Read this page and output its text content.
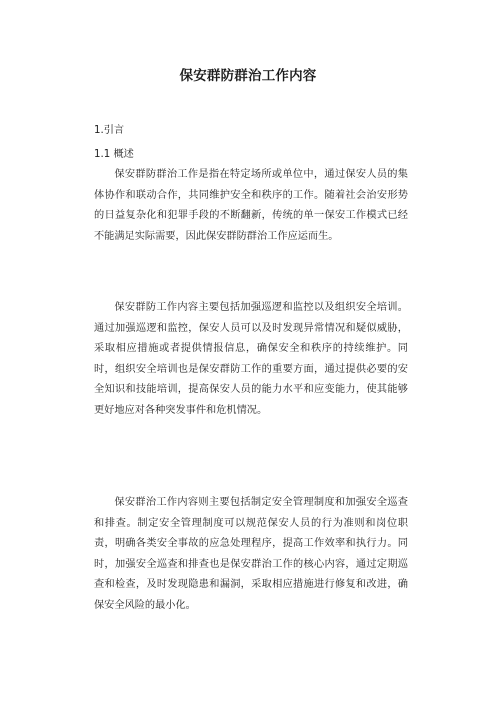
保安群防群治工作内容
1.引言
1.1 概述

保安群防群治工作是指在特定场所或单位中，通过保安人员的集体协作和联动合作，共同维护安全和秩序的工作。随着社会治安形势的日益复杂化和犯罪手段的不断翻新，传统的单一保安工作模式已经不能满足实际需要，因此保安群防群治工作应运而生。

保安群防工作内容主要包括加强巡逻和监控以及组织安全培训。通过加强巡逻和监控，保安人员可以及时发现异常情况和疑似威胁，采取相应措施或者提供情报信息，确保安全和秩序的持续维护。同时，组织安全培训也是保安群防工作的重要方面，通过提供必要的安全知识和技能培训，提高保安人员的能力水平和应变能力，使其能够更好地应对各种突发事件和危机情况。

保安群治工作内容则主要包括制定安全管理制度和加强安全巡查和排查。制定安全管理制度可以规范保安人员的行为准则和岗位职责，明确各类安全事故的应急处理程序，提高工作效率和执行力。同时，加强安全巡查和排查也是保安群治工作的核心内容，通过定期巡查和检查，及时发现隐患和漏洞，采取相应措施进行修复和改进，确保安全风险的最小化。
